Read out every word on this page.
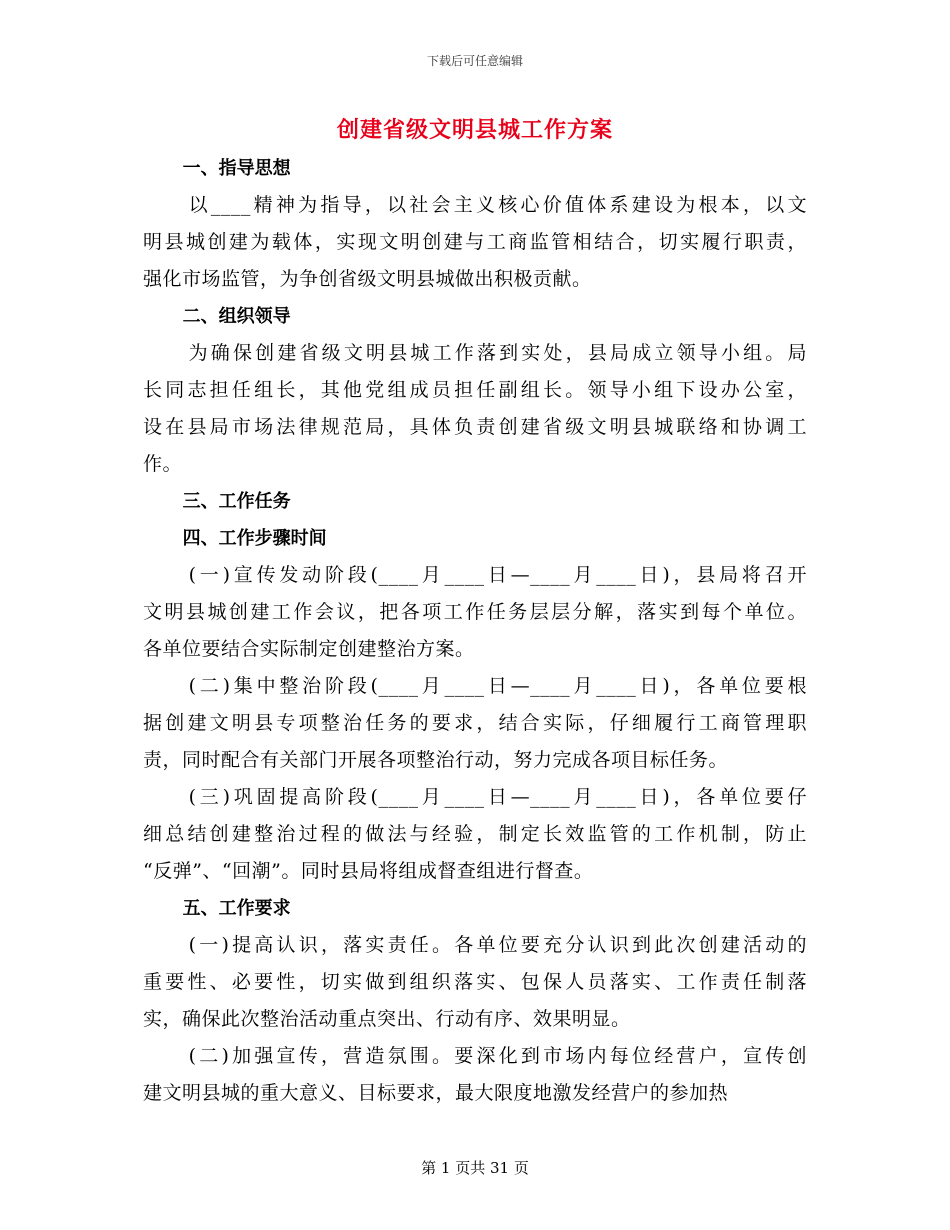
下载后可任意编辑
创建省级文明县城工作方案
一、指导思想
以____精神为指导，以社会主义核心价值体系建设为根本，以文
明县城创建为载体，实现文明创建与工商监管相结合，切实履行职责，
强化市场监管，为争创省级文明县城做出积极贡献。
二、组织领导
为确保创建省级文明县城工作落到实处，县局成立领导小组。局
长同志担任组长，其他党组成员担任副组长。领导小组下设办公室，
设在县局市场法律规范局，具体负责创建省级文明县城联络和协调工
作。
三、工作任务
四、工作步骤时间
(一)宣传发动阶段(____月____日—____月____日)，县局将召开
文明县城创建工作会议，把各项工作任务层层分解，落实到每个单位。
各单位要结合实际制定创建整治方案。
(二)集中整治阶段(____月____日—____月____日)，各单位要根
据创建文明县专项整治任务的要求，结合实际，仔细履行工商管理职
责，同时配合有关部门开展各项整治行动，努力完成各项目标任务。
(三)巩固提高阶段(____月____日—____月____日)，各单位要仔
细总结创建整治过程的做法与经验，制定长效监管的工作机制，防止
“反弹”、“回潮”。同时县局将组成督查组进行督查。
五、工作要求
(一)提高认识，落实责任。各单位要充分认识到此次创建活动的
重要性、必要性，切实做到组织落实、包保人员落实、工作责任制落
实，确保此次整治活动重点突出、行动有序、效果明显。
(二)加强宣传，营造氛围。要深化到市场内每位经营户，宣传创
建文明县城的重大意义、目标要求，最大限度地激发经营户的参加热
第 1 页共 31 页
